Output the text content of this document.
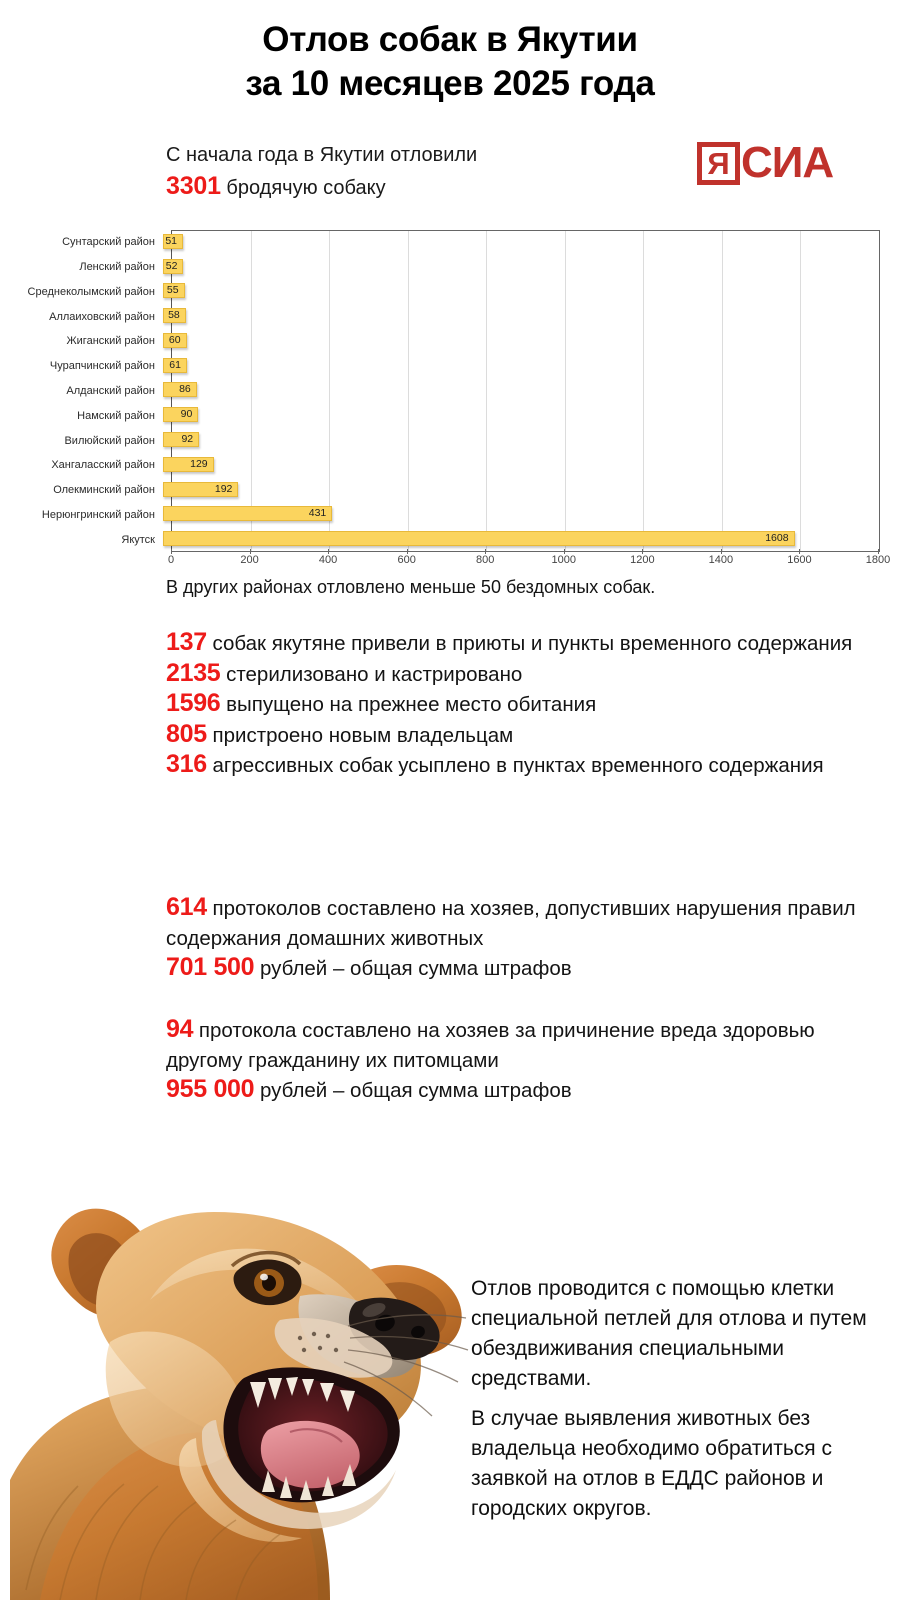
Отлов собак в Якутии
за 10 месяцев 2025 года
С начала года в Якутии отловили
3301 бродячую собаку
Я СИА
Сунтарский район 51
Ленский район	52
Среднеколымский район	55
Аллаиховский район	58
Жиганский район	60
Чурапчинский район	61
Алданский район	86
Намский район	90
Вилюйский район	92
Хангаласский район	129
Олекминский район	192
Нерюнгринский район	431
Якутск	1608
0	200	400	600	800	1000	1200	1400	1600	1800
В других районах отловлено меньше 50 бездомных собак.

137 собак якутяне привели в приюты и пункты временного содержания

2135 стерилизовано и кастрировано

1596 выпущено на прежнее место обитания

805 пристроено новым владельцам

316 агрессивных собак усыплено в пунктах временного содержания

614 протоколов составлено на хозяев, допустивших нарушения правил содержания домашних животных

701 500 рублей – общая сумма штрафов

94 протокола составлено на хозяев за причинение вреда здоровью другому гражданину их питомцами

955 000 рублей – общая сумма штрафов

Отлов проводится с помощью клетки специальной петлей для отлова и путем обездвиживания специальными средствами.
В случае выявления животных без владельца необходимо обратиться с заявкой на отлов в ЕДДС районов и городских округов.
